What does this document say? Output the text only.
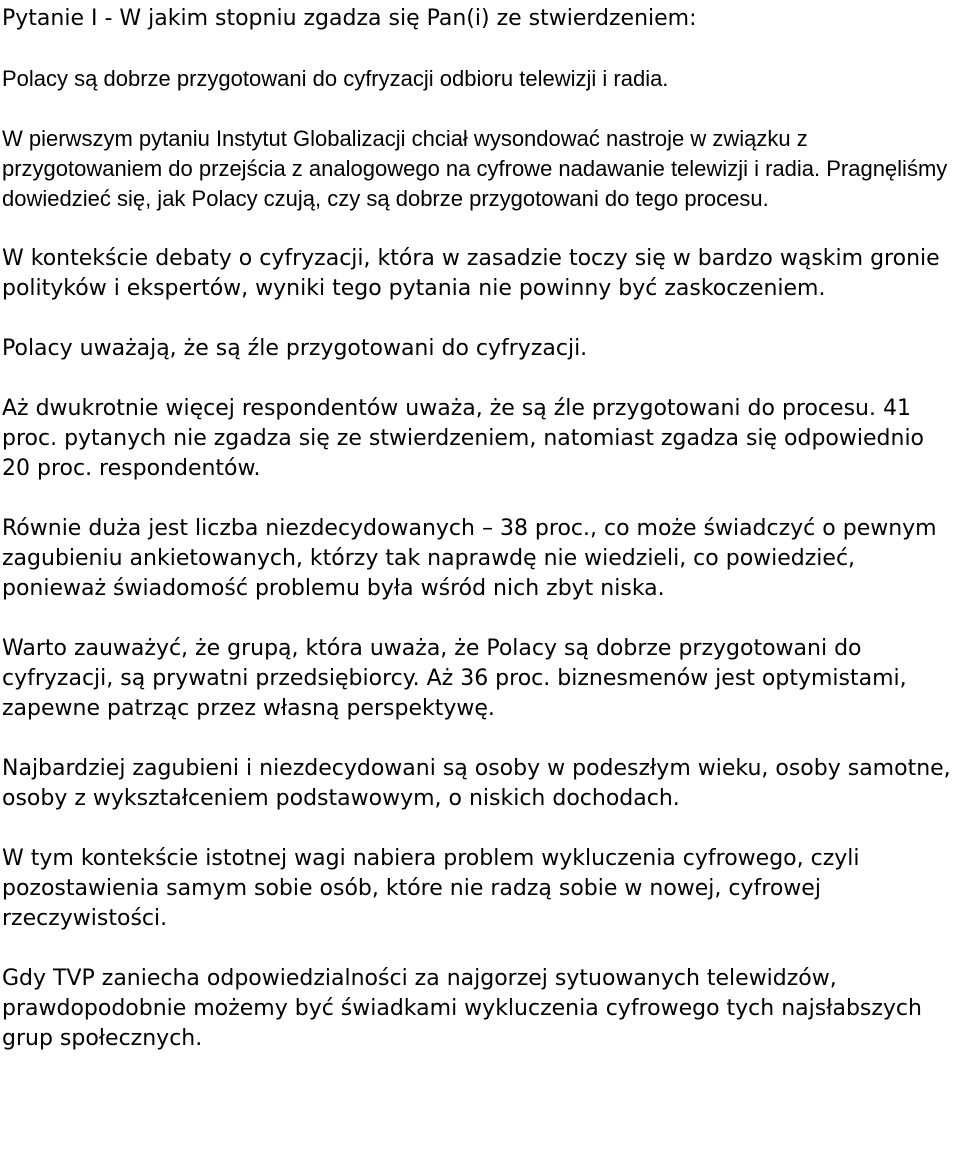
Pytanie I - W jakim stopniu zgadza się Pan(i) ze stwierdzeniem:

Polacy są dobrze przygotowani do cyfryzacji odbioru telewizji i radia.

W pierwszym pytaniu Instytut Globalizacji chciał wysondować nastroje w związku z przygotowaniem do przejścia z analogowego na cyfrowe nadawanie telewizji i radia. Pragnęliśmy dowiedzieć się, jak Polacy czują, czy są dobrze przygotowani do tego procesu.

W kontekście debaty o cyfryzacji, która w zasadzie toczy się w bardzo wąskim gronie polityków i ekspertów, wyniki tego pytania nie powinny być zaskoczeniem.

Polacy uważają, że są źle przygotowani do cyfryzacji.

Aż dwukrotnie więcej respondentów uważa, że są źle przygotowani do procesu. 41 proc. pytanych nie zgadza się ze stwierdzeniem, natomiast zgadza się odpowiednio 20 proc. respondentów.

Równie duża jest liczba niezdecydowanych – 38 proc., co może świadczyć o pewnym zagubieniu ankietowanych, którzy tak naprawdę nie wiedzieli, co powiedzieć, ponieważ świadomość problemu była wśród nich zbyt niska.

Warto zauważyć, że grupą, która uważa, że Polacy są dobrze przygotowani do cyfryzacji, są prywatni przedsiębiorcy. Aż 36 proc. biznesmenów jest optymistami, zapewne patrząc przez własną perspektywę.

Najbardziej zagubieni i niezdecydowani są osoby w podeszłym wieku, osoby samotne, osoby z wykształceniem podstawowym, o niskich dochodach.

W tym kontekście istotnej wagi nabiera problem wykluczenia cyfrowego, czyli pozostawienia samym sobie osób, które nie radzą sobie w nowej, cyfrowej rzeczywistości.

Gdy TVP zaniecha odpowiedzialności za najgorzej sytuowanych telewidzów, prawdopodobnie możemy być świadkami wykluczenia cyfrowego tych najsłabszych grup społecznych.
